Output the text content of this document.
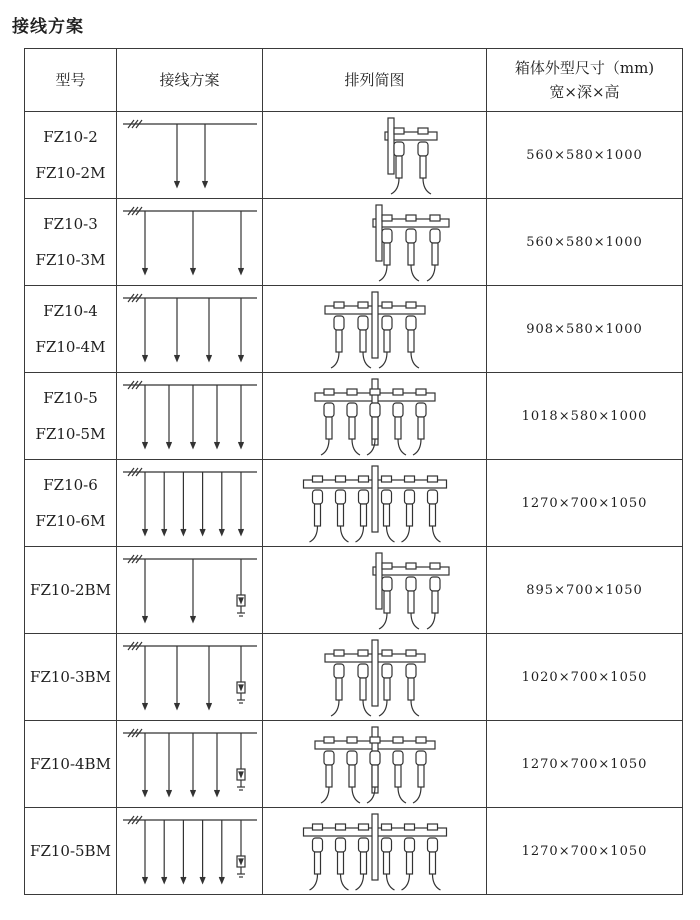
接线方案
型号	接线方案	排列简图	箱体外型尺寸（mm)
宽×深×高

FZ10-2
FZ10-2M			560×580×1000

FZ10-3
FZ10-3M			560×580×1000

FZ10-4
FZ10-4M			908×580×1000

FZ10-5
FZ10-5M			1018×580×1000

FZ10-6
FZ10-6M			1270×700×1050

FZ10-2BM			895×700×1050

FZ10-3BM			1020×700×1050

FZ10-4BM			1270×700×1050

FZ10-5BM			1270×700×1050
